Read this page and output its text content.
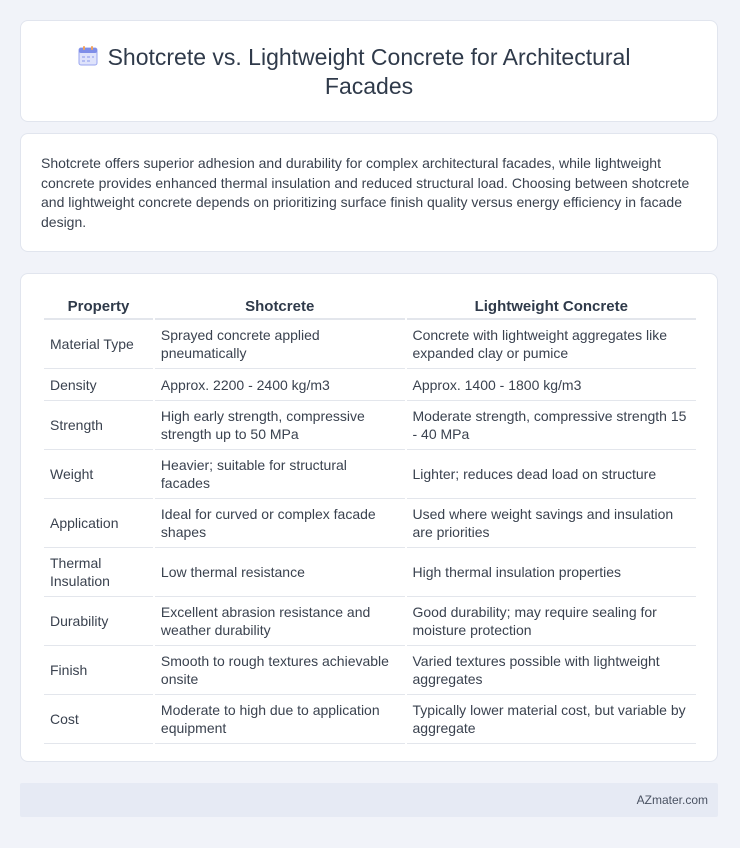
Shotcrete vs. Lightweight Concrete for Architectural Facades

Shotcrete offers superior adhesion and durability for complex architectural facades, while lightweight concrete provides enhanced thermal insulation and reduced structural load. Choosing between shotcrete and lightweight concrete depends on prioritizing surface finish quality versus energy efficiency in facade design.

Property	Shotcrete	Lightweight Concrete
Material Type	Sprayed concrete applied pneumatically	Concrete with lightweight aggregates like expanded clay or pumice
Density	Approx. 2200 - 2400 kg/m3	Approx. 1400 - 1800 kg/m3
Strength	High early strength, compressive strength up to 50 MPa	Moderate strength, compressive strength 15 - 40 MPa
Weight	Heavier; suitable for structural facades	Lighter; reduces dead load on structure
Application	Ideal for curved or complex facade shapes	Used where weight savings and insulation are priorities
Thermal Insulation	Low thermal resistance	High thermal insulation properties
Durability	Excellent abrasion resistance and weather durability	Good durability; may require sealing for moisture protection
Finish	Smooth to rough textures achievable onsite	Varied textures possible with lightweight aggregates
Cost	Moderate to high due to application equipment	Typically lower material cost, but variable by aggregate
AZmater.com
